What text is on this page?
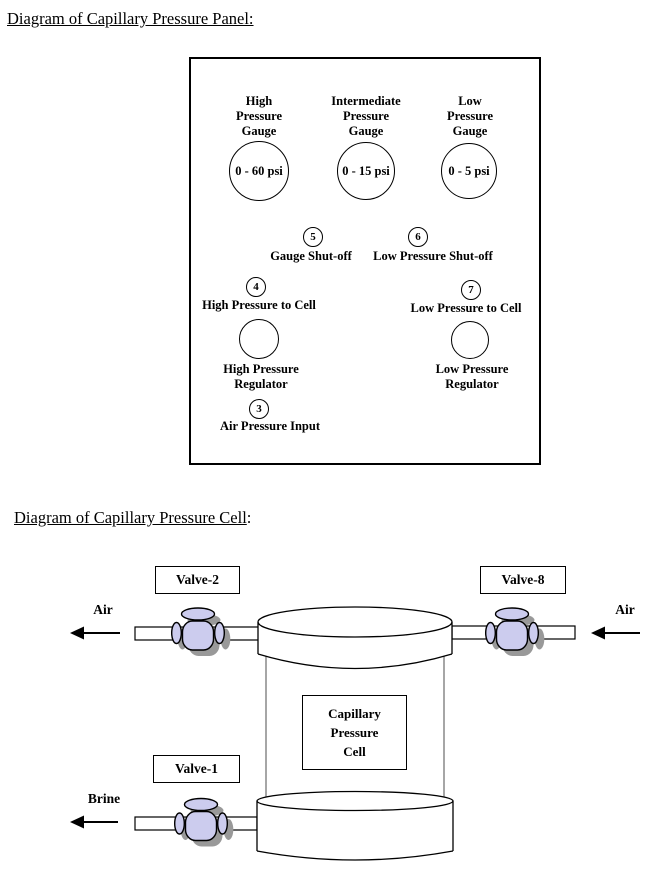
Diagram of Capillary Pressure Panel:
High
Pressure
Gauge
0 - 60 psi
Intermediate
Pressure
Gauge
0 - 15 psi
Low
Pressure
Gauge
0 - 5 psi
5
Gauge Shut-off
6
Low Pressure Shut-off
4
High Pressure to Cell
7
Low Pressure to Cell
High Pressure
Regulator
Low Pressure
Regulator
3
Air Pressure Input
Diagram of Capillary Pressure Cell:
Valve-2	Valve-8
Valve-1
Air	Air
Brine
Capillary
Pressure
Cell
